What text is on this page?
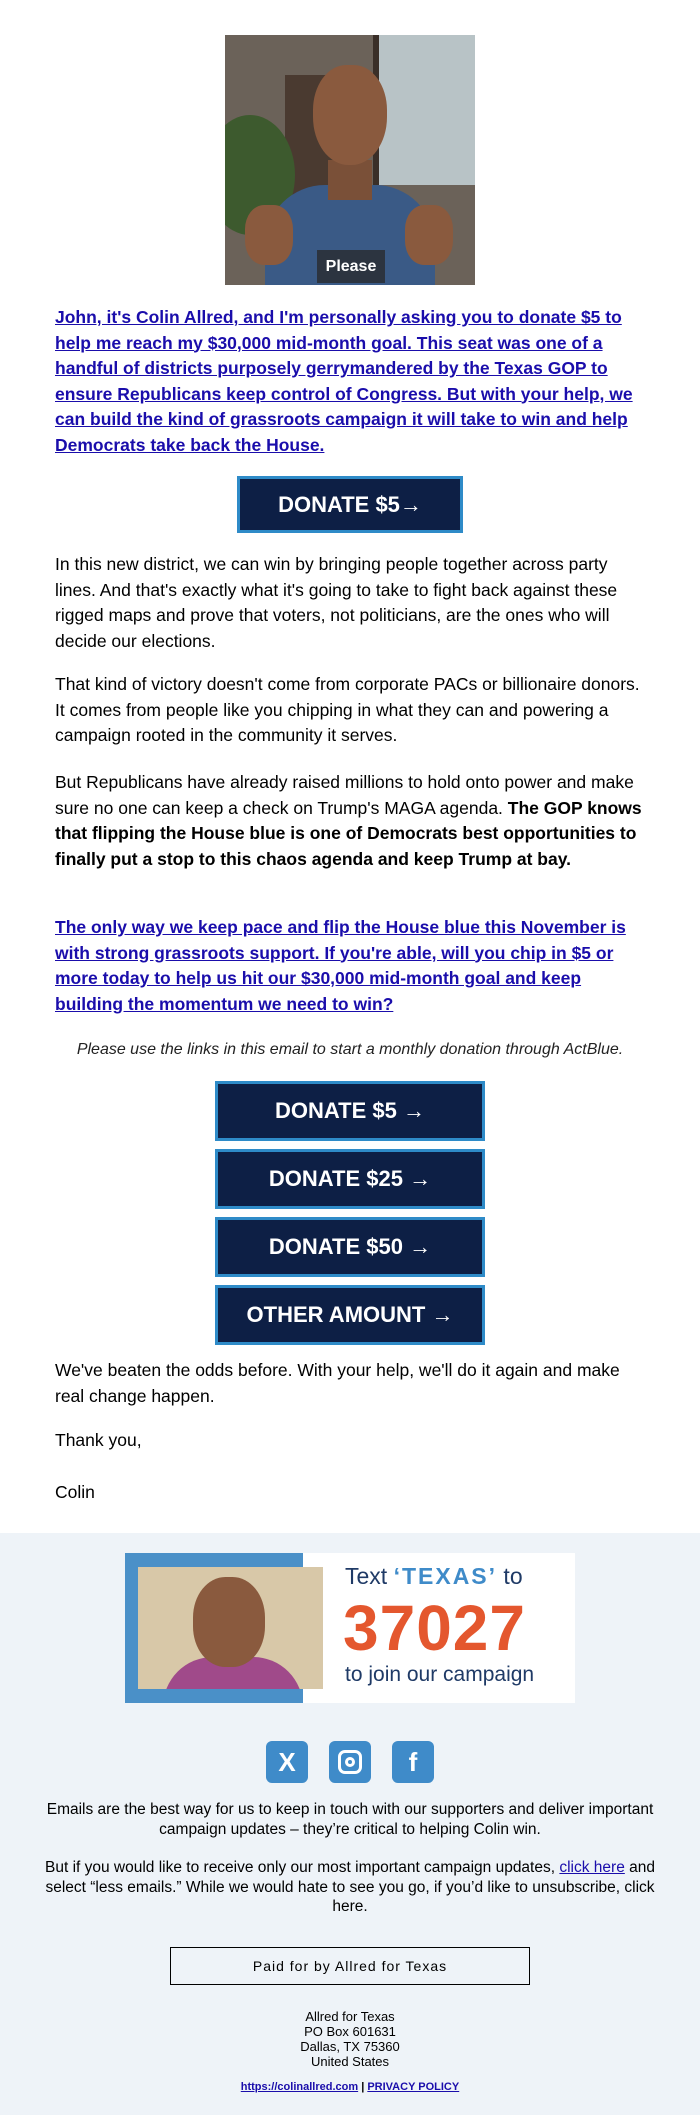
Please
John, it's Colin Allred, and I'm personally asking you to donate $5 to help me reach my $30,000 mid-month goal. This seat was one of a handful of districts purposely gerrymandered by the Texas GOP to ensure Republicans keep control of Congress. But with your help, we can build the kind of grassroots campaign it will take to win and help Democrats take back the House.
DONATE $5→

In this new district, we can win by bringing people together across party lines. And that's exactly what it's going to take to fight back against these rigged maps and prove that voters, not politicians, are the ones who will decide our elections.

That kind of victory doesn't come from corporate PACs or billionaire donors. It comes from people like you chipping in what they can and powering a campaign rooted in the community it serves.

But Republicans have already raised millions to hold onto power and make sure no one can keep a check on Trump's MAGA agenda. The GOP knows that flipping the House blue is one of Democrats best opportunities to finally put a stop to this chaos agenda and keep Trump at bay.

The only way we keep pace and flip the House blue this November is with strong grassroots support. If you're able, will you chip in $5 or more today to help us hit our $30,000 mid-month goal and keep building the momentum we need to win?

Please use the links in this email to start a monthly donation through ActBlue.

DONATE $5 →
DONATE $25 →
DONATE $50 →
OTHER AMOUNT →

We've beaten the odds before. With your help, we'll do it again and make real change happen.

Thank you,

Colin

Text ‘TEXAS’ to
37027
to join our campaign
X	f

Emails are the best way for us to keep in touch with our supporters and deliver important campaign updates – they’re critical to helping Colin win.

But if you would like to receive only our most important campaign updates, click here and select “less emails.” While we would hate to see you go, if you’d like to unsubscribe, click here.

Paid for by Allred for Texas
Allred for Texas
PO Box 601631
Dallas, TX 75360
United States
https://colinallred.com | PRIVACY POLICY
